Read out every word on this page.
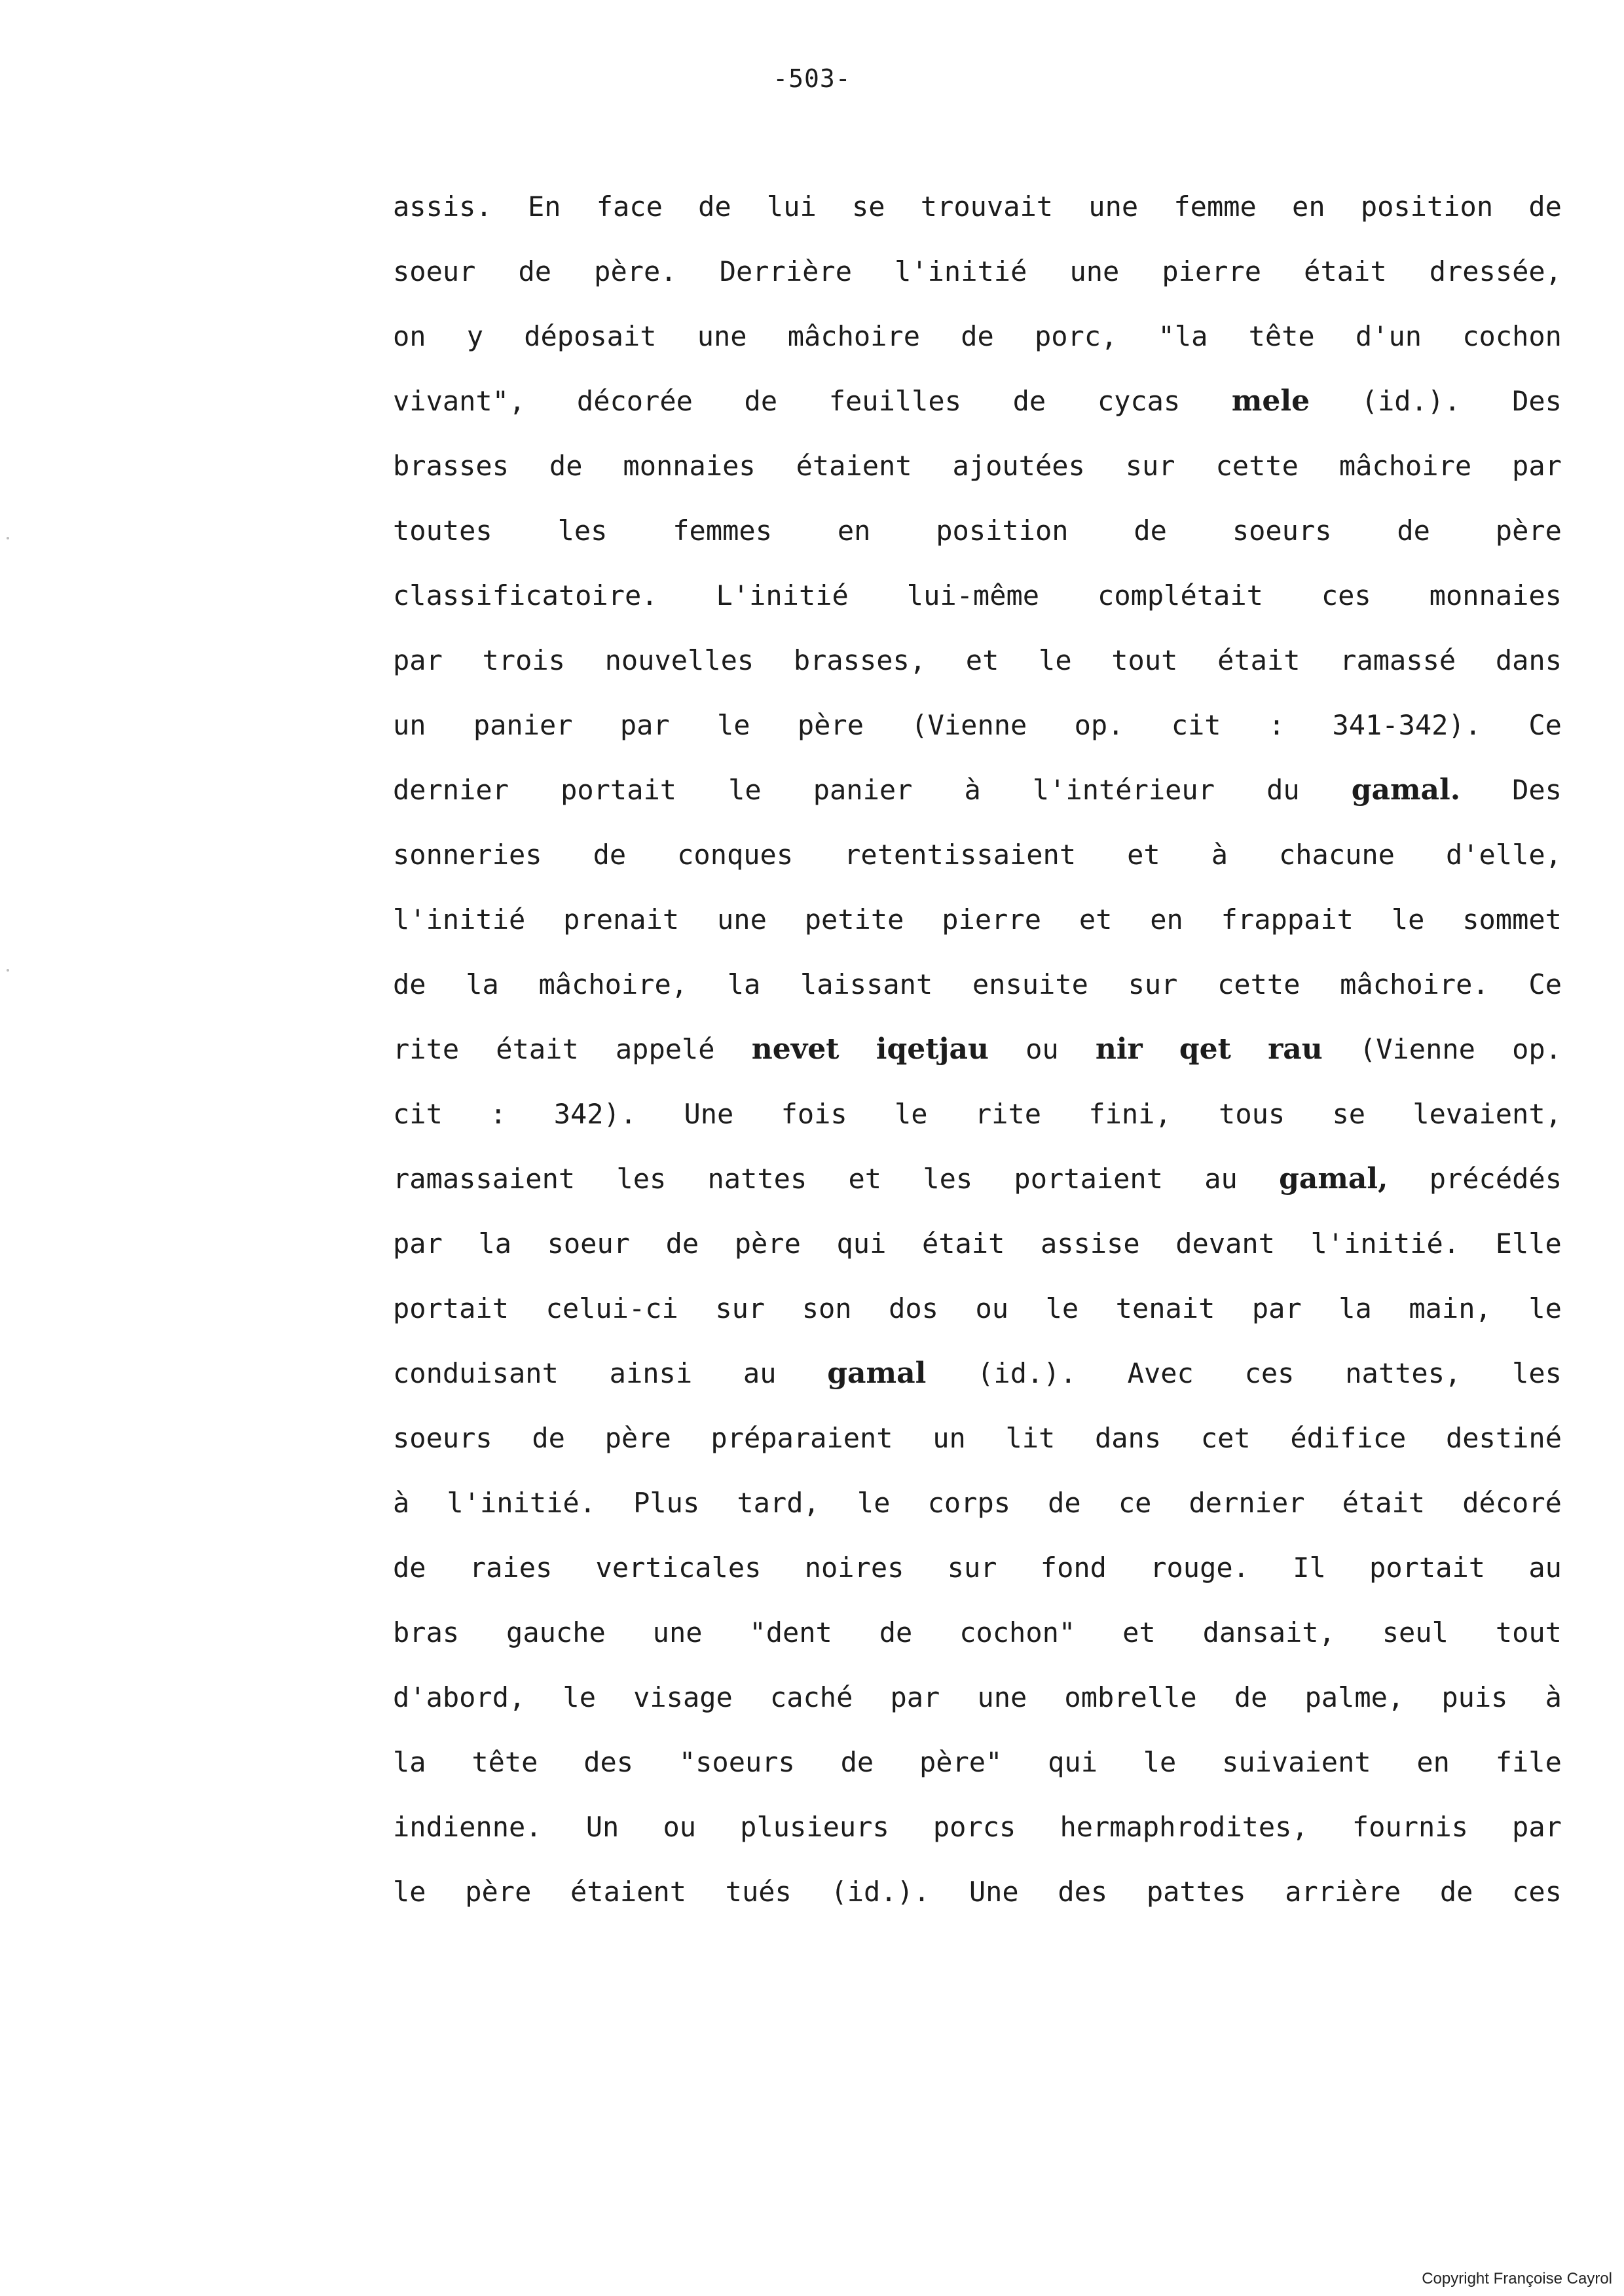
-503-
assis. En face de lui se trouvait une femme en position de
soeur de père. Derrière l'initié une pierre était dressée,
on y déposait une mâchoire de porc, "la tête d'un cochon
vivant", décorée de feuilles de cycas mele (id.). Des
brasses de monnaies étaient ajoutées sur cette mâchoire par
toutes les femmes en position de soeurs de père
classificatoire. L'initié lui-même complétait ces monnaies
par trois nouvelles brasses, et le tout était ramassé dans
un panier par le père (Vienne op. cit : 341-342). Ce
dernier portait le panier à l'intérieur du gamal. Des
sonneries de conques retentissaient et à chacune d'elle,
l'initié prenait une petite pierre et en frappait le sommet
de la mâchoire, la laissant ensuite sur cette mâchoire. Ce
rite était appelé nevet iqetjau ou nir qet rau (Vienne op.
cit : 342). Une fois le rite fini, tous se levaient,
ramassaient les nattes et les portaient au gamal, précédés
par la soeur de père qui était assise devant l'initié. Elle
portait celui-ci sur son dos ou le tenait par la main, le
conduisant ainsi au gamal (id.). Avec ces nattes, les
soeurs de père préparaient un lit dans cet édifice destiné
à l'initié. Plus tard, le corps de ce dernier était décoré
de raies verticales noires sur fond rouge. Il portait au
bras gauche une "dent de cochon" et dansait, seul tout
d'abord, le visage caché par une ombrelle de palme, puis à
la tête des "soeurs de père" qui le suivaient en file
indienne. Un ou plusieurs porcs hermaphrodites, fournis par
le père étaient tués (id.). Une des pattes arrière de ces
Copyright Françoise Cayrol
